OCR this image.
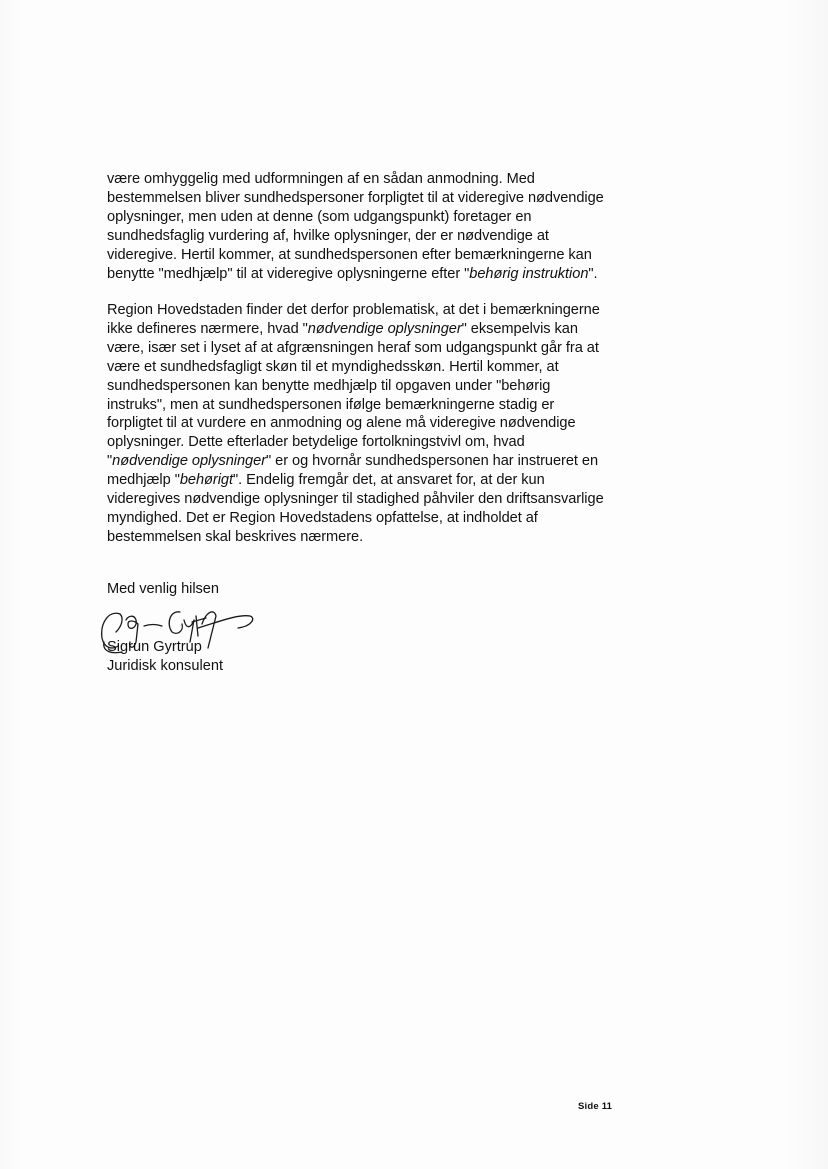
være omhyggelig med udformningen af en sådan anmodning. Med
bestemmelsen bliver sundhedspersoner forpligtet til at videregive nødvendige
oplysninger, men uden at denne (som udgangspunkt) foretager en
sundhedsfaglig vurdering af, hvilke oplysninger, der er nødvendige at
videregive. Hertil kommer, at sundhedspersonen efter bemærkningerne kan
benytte "medhjælp" til at videregive oplysningerne efter "behørig instruktion".

Region Hovedstaden finder det derfor problematisk, at det i bemærkningerne
ikke defineres nærmere, hvad "nødvendige oplysninger" eksempelvis kan
være, især set i lyset af at afgrænsningen heraf som udgangspunkt går fra at
være et sundhedsfagligt skøn til et myndighedsskøn. Hertil kommer, at
sundhedspersonen kan benytte medhjælp til opgaven under "behørig
instruks", men at sundhedspersonen ifølge bemærkningerne stadig er
forpligtet til at vurdere en anmodning og alene må videregive nødvendige
oplysninger. Dette efterlader betydelige fortolkningstvivl om, hvad
"nødvendige oplysninger" er og hvornår sundhedspersonen har instrueret en
medhjælp "behørigt". Endelig fremgår det, at ansvaret for, at der kun
videregives nødvendige oplysninger til stadighed påhviler den driftsansvarlige
myndighed. Det er Region Hovedstadens opfattelse, at indholdet af
bestemmelsen skal beskrives nærmere.

Med venlig hilsen

Sigrun Gyrtrup
Juridisk konsulent
Side 11
